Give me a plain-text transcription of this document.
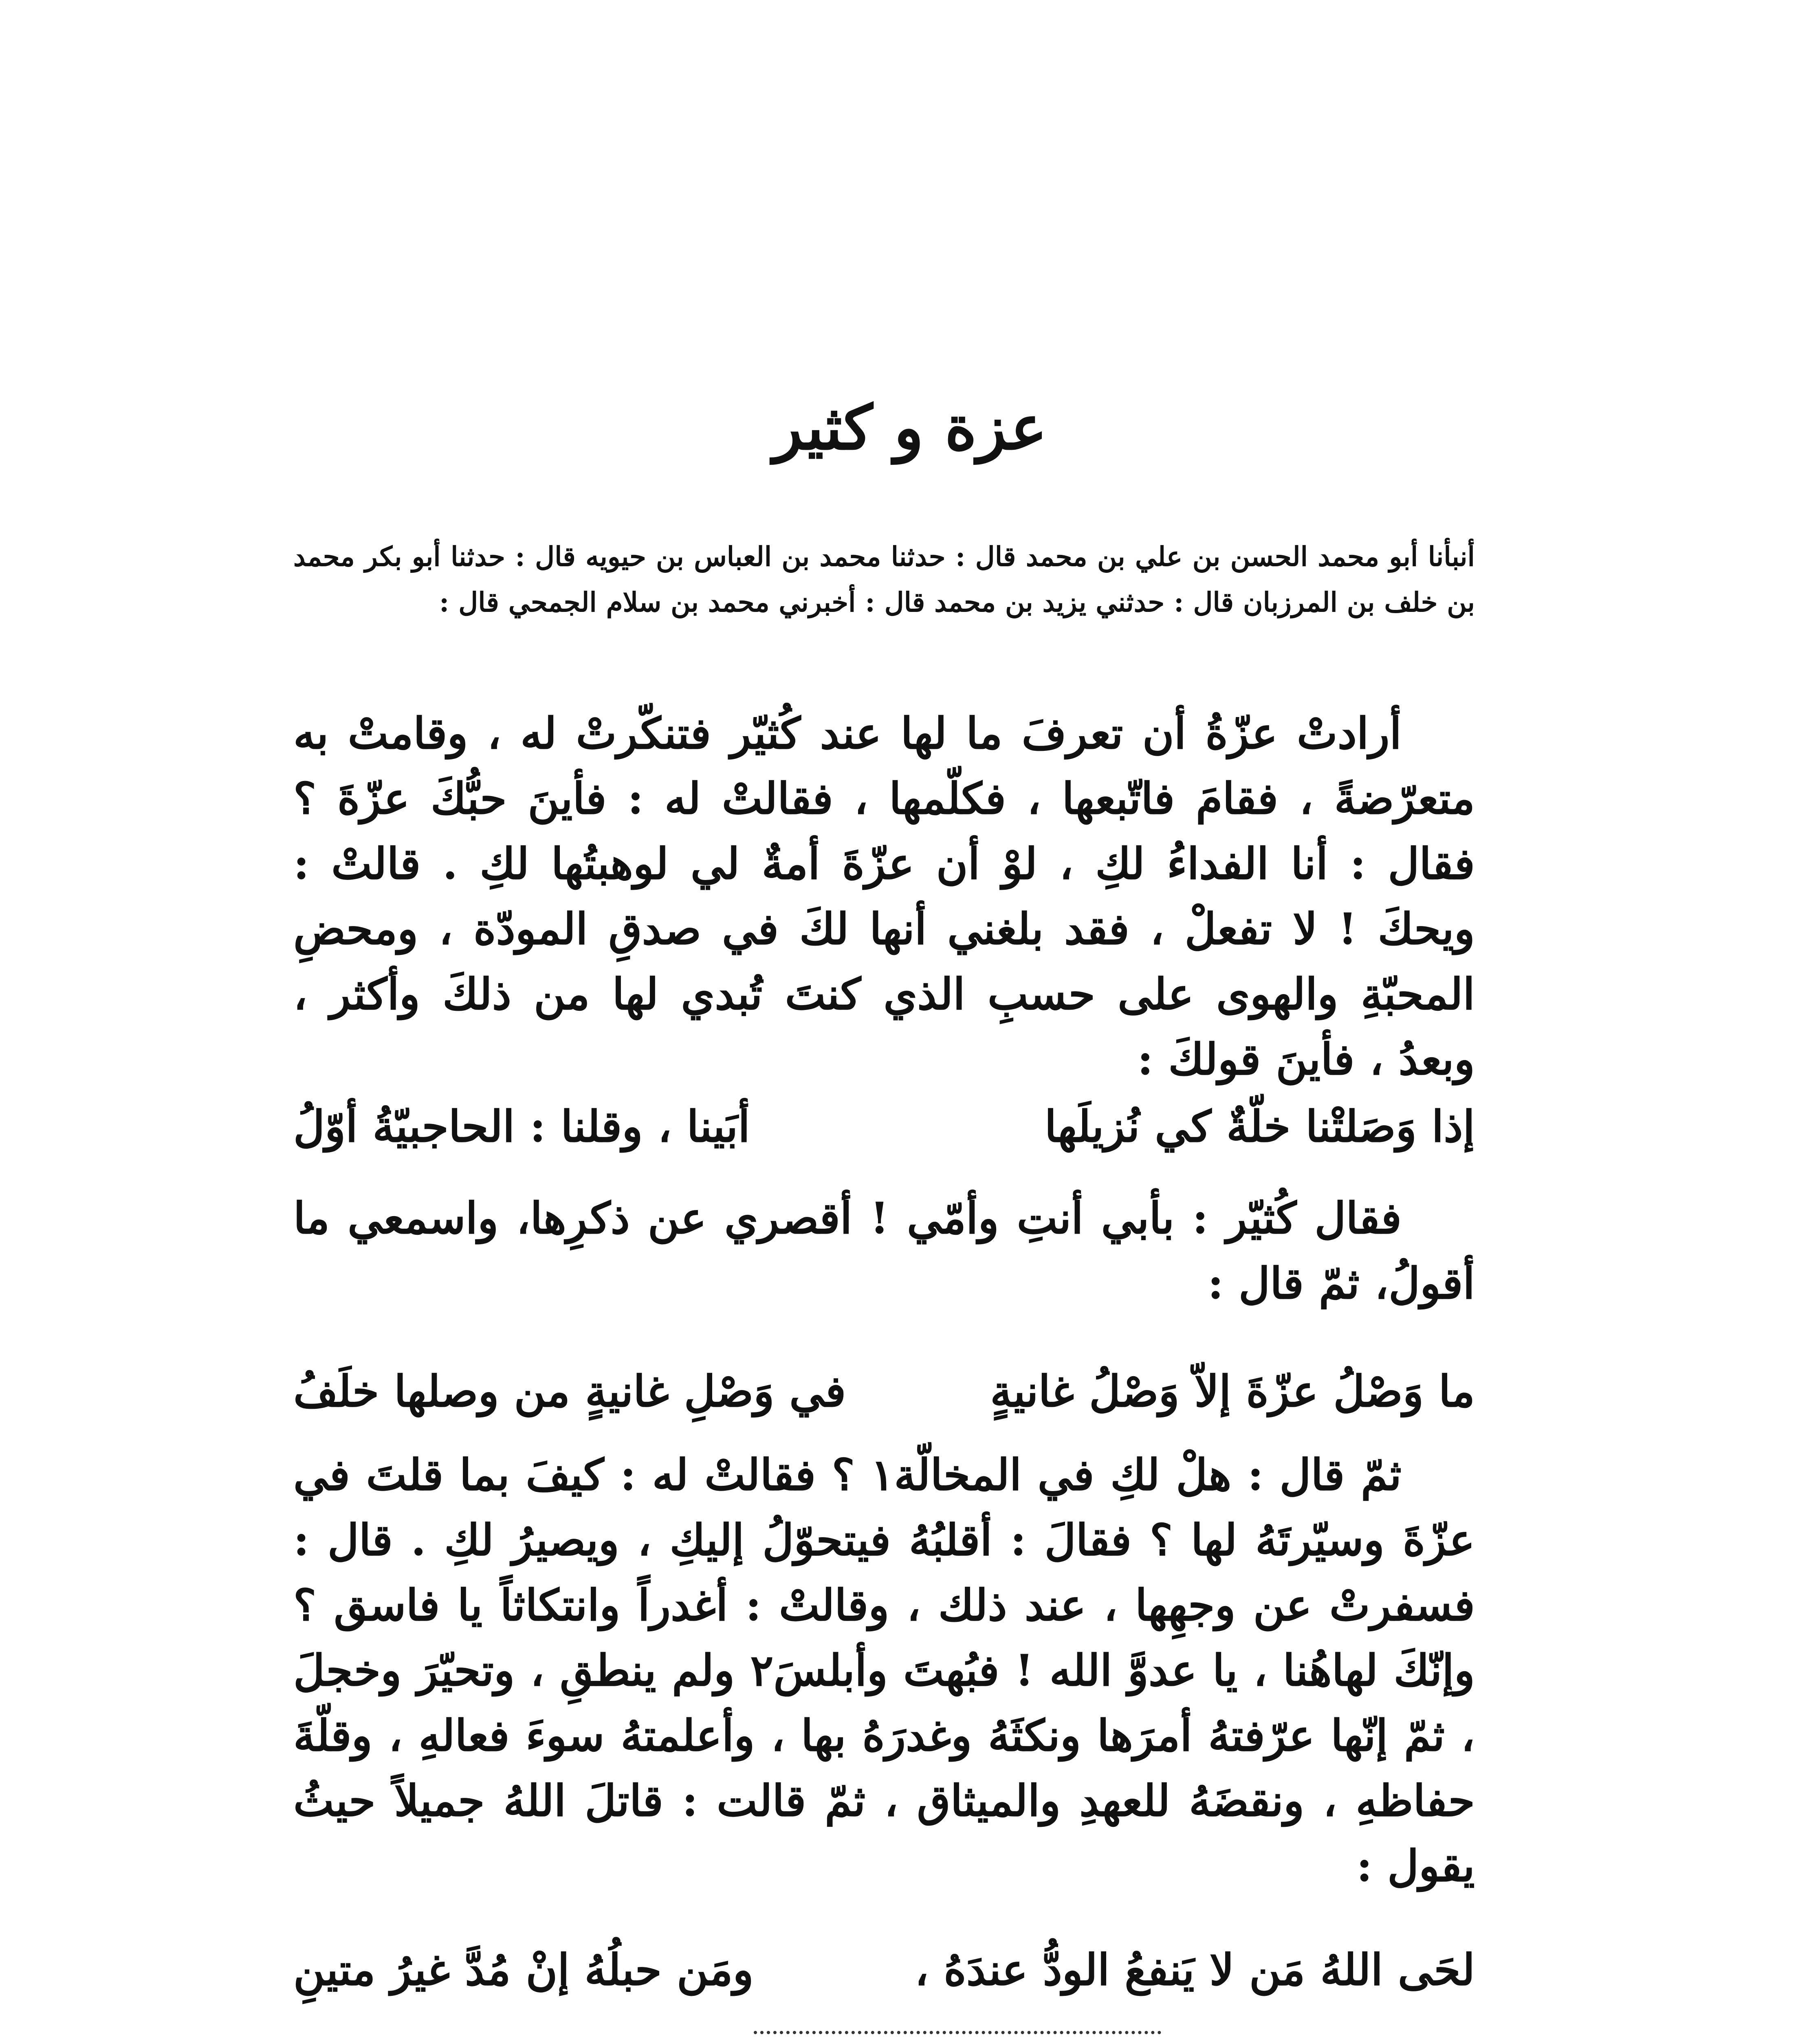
عزة و كثير

أنبأنا أبو محمد الحسن بن علي بن محمد قال : حدثنا محمد بن العباس بن حيويه قال : حدثنا أبو بكر محمد بن خلف بن المرزبان قال : حدثني يزيد بن محمد قال : أخبرني محمد بن سلام الجمحي قال :

أرادتْ عزّةُ أن تعرفَ ما لها عند كُثيّر فتنكّرتْ له ، وقامتْ به متعرّضةً ، فقامَ فاتّبعها ، فكلّمها ، فقالتْ له : فأينَ حبُّكَ عزّةَ ؟ فقال : أنا الفداءُ لكِ ، لوْ أن عزّةَ أمةٌ لي لوهبتُها لكِ . قالتْ : ويحكَ ! لا تفعلْ ، فقد بلغني أنها لكَ في صدقِ المودّة ، ومحضِ المحبّةِ والهوى على حسبِ الذي كنتَ تُبدي لها من ذلكَ وأكثر ، وبعدُ ، فأينَ قولكَ :

إذا وَصَلتْنا خلّةٌ كي نُزيلَها
أبَينا ، وقلنا : الحاجبيّةُ أوّلُ

فقال كُثيّر : بأبي أنتِ وأمّي ! أقصري عن ذكرِها، واسمعي ما أقولُ، ثمّ قال :

ما وَصْلُ عزّةَ إلاّ وَصْلُ غانيةٍ
في وَصْلِ غانيةٍ من وصلها خلَفُ

ثمّ قال : هلْ لكِ في المخالّة١ ؟ فقالتْ له : كيفَ بما قلتَ في عزّةَ وسيّرتَهُ لها ؟ فقالَ : أقلبُهُ فيتحوّلُ إليكِ ، ويصيرُ لكِ . قال : فسفرتْ عن وجهِها ، عند ذلك ، وقالتْ : أغدراً وانتكاثاً يا فاسق ؟ وإنّكَ لهاهُنا ، يا عدوَّ الله ! فبُهتَ وأبلسَ٢ ولم ينطقِ ، وتحيّرَ وخجلَ ، ثمّ إنّها عرّفتهُ أمرَها ونكثَهُ وغدرَهُ بها ، وأعلمتهُ سوءَ فعالهِ ، وقلّةَ حفاظهِ ، ونقضَهُ للعهدِ والميثاق ، ثمّ قالت : قاتلَ اللهُ جميلاً حيثُ يقول :

لحَى اللهُ مَن لا يَنفعُ الودُّ عندَهُ ،
ومَن حبلُهُ إنْ مُدَّ غيرُ متينِ
